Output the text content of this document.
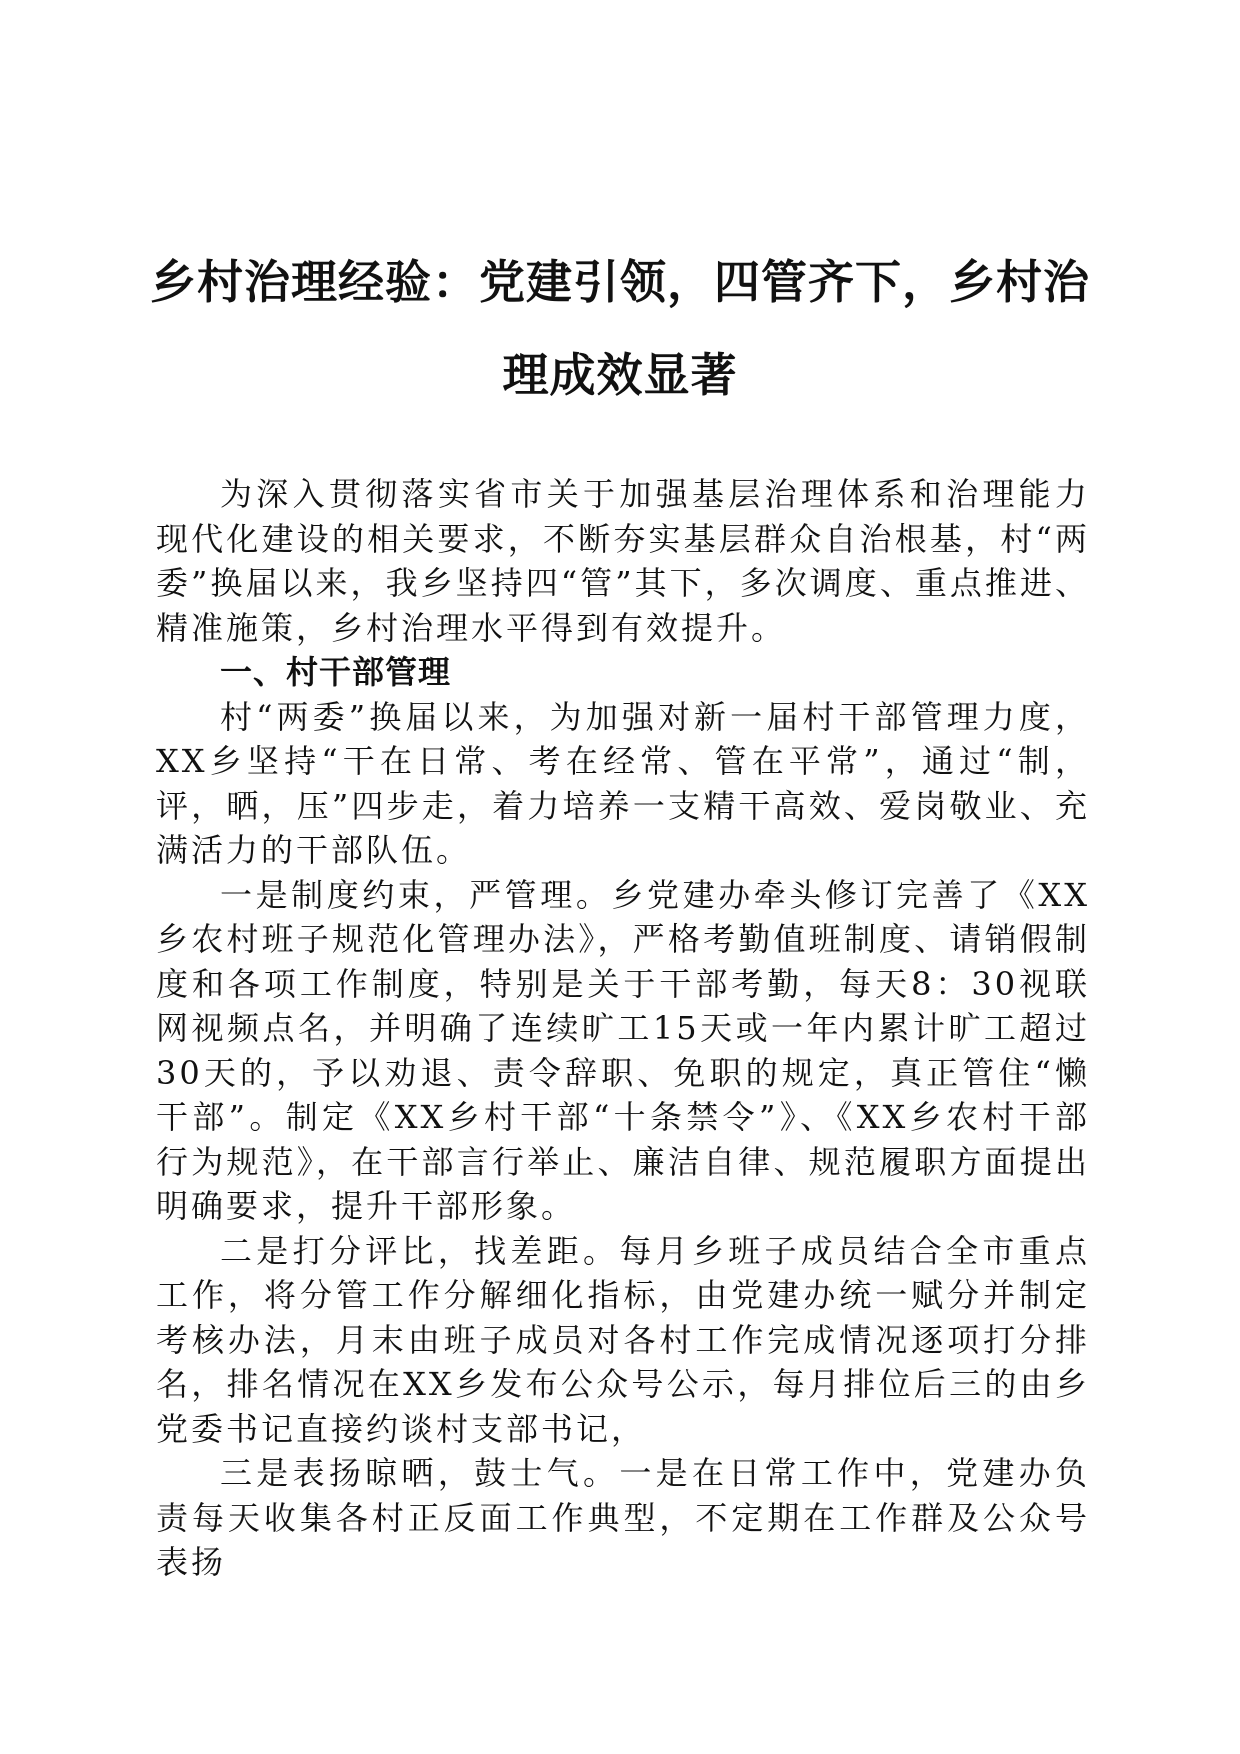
乡村治理经验：党建引领，四管齐下，乡村治理成效显著

为深入贯彻落实省市关于加强基层治理体系和治理能力现代化建设的相关要求，不断夯实基层群众自治根基，村“两委”换届以来，我乡坚持四“管”其下，多次调度、重点推进、精准施策，乡村治理水平得到有效提升。

一、村干部管理

村“两委”换届以来，为加强对新一届村干部管理力度，XX乡坚持“干在日常、考在经常、管在平常”，通过“制，评，晒，压”四步走，着力培养一支精干高效、爱岗敬业、充满活力的干部队伍。

一是制度约束，严管理。乡党建办牵头修订完善了《XX乡农村班子规范化管理办法》，严格考勤值班制度、请销假制度和各项工作制度，特别是关于干部考勤，每天8：30视联网视频点名，并明确了连续旷工15天或一年内累计旷工超过30天的，予以劝退、责令辞职、免职的规定，真正管住“懒干部”。制定《XX乡村干部“十条禁令”》、《XX乡农村干部行为规范》，在干部言行举止、廉洁自律、规范履职方面提出明确要求，提升干部形象。

二是打分评比，找差距。每月乡班子成员结合全市重点工作，将分管工作分解细化指标，由党建办统一赋分并制定考核办法，月末由班子成员对各村工作完成情况逐项打分排名，排名情况在XX乡发布公众号公示，每月排位后三的由乡党委书记直接约谈村支部书记，

三是表扬晾晒，鼓士气。一是在日常工作中，党建办负责每天收集各村正反面工作典型，不定期在工作群及公众号表扬
